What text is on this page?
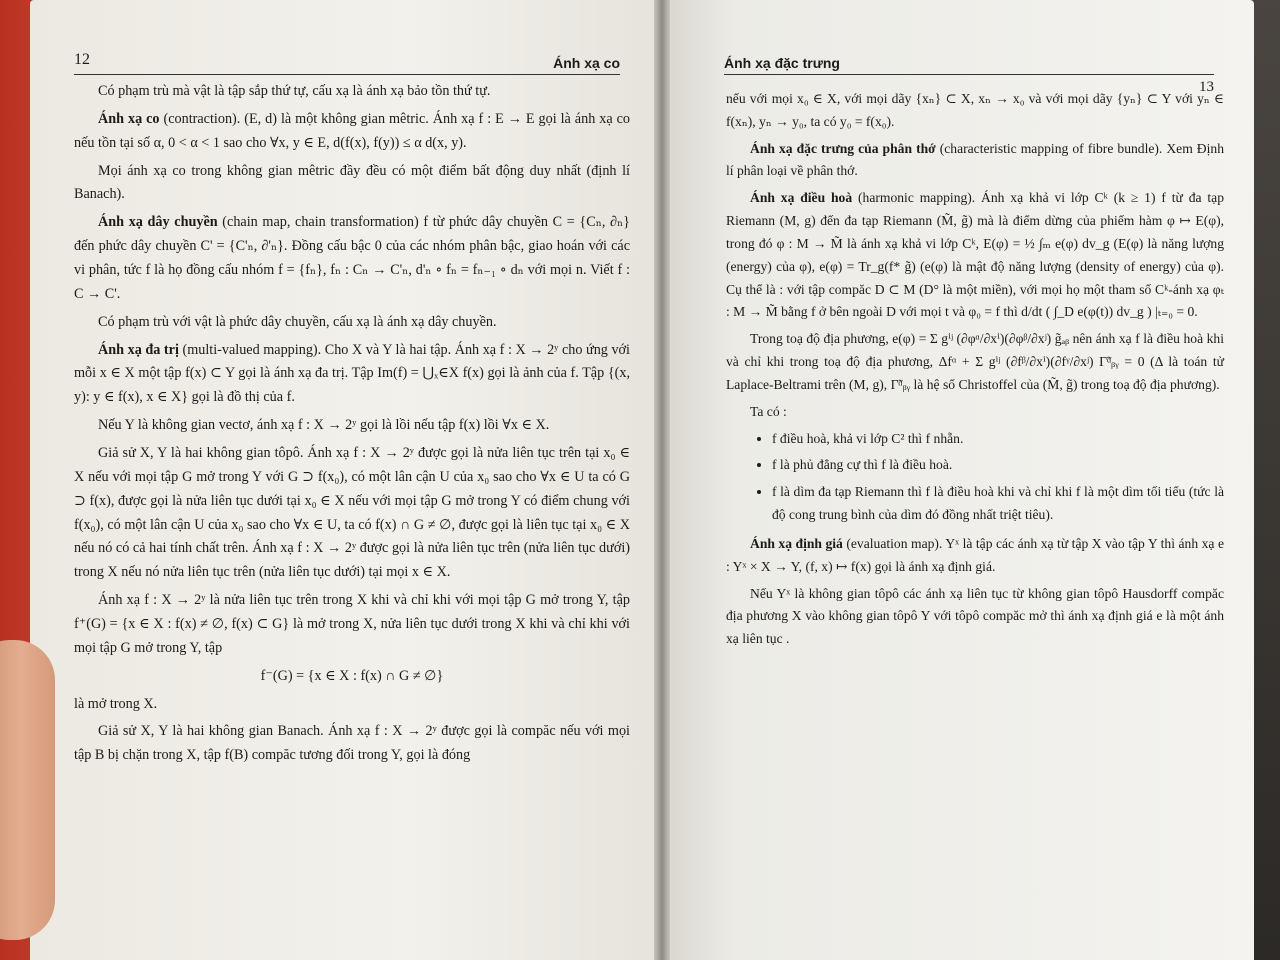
12	Ánh xạ co

Có phạm trù mà vật là tập sắp thứ tự, cấu xạ là ánh xạ bảo tồn thứ tự.

Ánh xạ co (contraction). (E, d) là một không gian mêtric. Ánh xạ f : E → E gọi là ánh xạ co nếu tồn tại số α, 0 < α < 1 sao cho ∀x, y ∈ E, d(f(x), f(y)) ≤ α d(x, y).

Mọi ánh xạ co trong không gian mêtric đầy đều có một điểm bất động duy nhất (định lí Banach).

Ánh xạ dây chuyền (chain map, chain transformation) f từ phức dây chuyền C = {Cₙ, ∂ₙ} đến phức dây chuyền C' = {C'ₙ, ∂'ₙ}. Đồng cấu bậc 0 của các nhóm phân bậc, giao hoán với các vi phân, tức f là họ đồng cấu nhóm f = {fₙ}, fₙ : Cₙ → C'ₙ, d'ₙ ∘ fₙ = fₙ₋₁ ∘ dₙ với mọi n. Viết f : C → C'.

Có phạm trù với vật là phức dây chuyền, cấu xạ là ánh xạ dây chuyền.

Ánh xạ đa trị (multi-valued mapping). Cho X và Y là hai tập. Ánh xạ f : X → 2ʸ cho ứng với mỗi x ∈ X một tập f(x) ⊂ Y gọi là ánh xạ đa trị. Tập Im(f) = ⋃ₓ∈X f(x) gọi là ảnh của f. Tập {(x, y): y ∈ f(x), x ∈ X} gọi là đồ thị của f.

Nếu Y là không gian vectơ, ánh xạ f : X → 2ʸ gọi là lồi nếu tập f(x) lồi ∀x ∈ X.

Giả sử X, Y là hai không gian tôpô. Ánh xạ f : X → 2ʸ được gọi là nửa liên tục trên tại x₀ ∈ X nếu với mọi tập G mở trong Y với G ⊃ f(x₀), có một lân cận U của x₀ sao cho ∀x ∈ U ta có G ⊃ f(x), được gọi là nửa liên tục dưới tại x₀ ∈ X nếu với mọi tập G mở trong Y có điểm chung với f(x₀), có một lân cận U của x₀ sao cho ∀x ∈ U, ta có f(x) ∩ G ≠ ∅, được gọi là liên tục tại x₀ ∈ X nếu nó có cả hai tính chất trên. Ánh xạ f : X → 2ʸ được gọi là nửa liên tục trên (nửa liên tục dưới) trong X nếu nó nửa liên tục trên (nửa liên tục dưới) tại mọi x ∈ X.

Ánh xạ f : X → 2ʸ là nửa liên tục trên trong X khi và chỉ khi với mọi tập G mở trong Y, tập f⁺(G) = {x ∈ X : f(x) ≠ ∅, f(x) ⊂ G} là mở trong X, nửa liên tục dưới trong X khi và chỉ khi với mọi tập G mở trong Y, tập

f⁻(G) = {x ∈ X : f(x) ∩ G ≠ ∅}

là mở trong X.

Giả sử X, Y là hai không gian Banach. Ánh xạ f : X → 2ʸ được gọi là compăc nếu với mọi tập B bị chặn trong X, tập f(B) compăc tương đối trong Y, gọi là đóng

Ánh xạ đặc trưng
13

nếu với mọi x₀ ∈ X, với mọi dãy {xₙ} ⊂ X, xₙ → x₀ và với mọi dãy {yₙ} ⊂ Y với yₙ ∈ f(xₙ), yₙ → y₀, ta có y₀ = f(x₀).

Ánh xạ đặc trưng của phân thớ (characteristic mapping of fibre bundle). Xem Định lí phân loại về phân thớ.

Ánh xạ điều hoà (harmonic mapping). Ánh xạ khả vi lớp Cᵏ (k ≥ 1) f từ đa tạp Riemann (M, g) đến đa tạp Riemann (M̃, g̃) mà là điểm dừng của phiếm hàm φ ↦ E(φ), trong đó φ : M → M̃ là ánh xạ khả vi lớp Cᵏ, E(φ) = ½ ∫ₘ e(φ) dv_g (E(φ) là năng lượng (energy) của φ), e(φ) = Tr_g(f* g̃) (e(φ) là mật độ năng lượng (density of energy) của φ). Cụ thể là : với tập compăc D ⊂ M (D° là một miền), với mọi họ một tham số Cᵏ-ánh xạ φₜ : M → M̃ bằng f ở bên ngoài D với mọi t và φ₀ = f thì d/dt ( ∫_D e(φ(t)) dv_g ) |ₜ₌₀ = 0.

Trong toạ độ địa phương, e(φ) = Σ gⁱʲ (∂φᵅ/∂xⁱ)(∂φᵝ/∂xʲ) g̃ₐᵦ nên ánh xạ f là điều hoà khi và chỉ khi trong toạ độ địa phương, Δfᵅ + Σ gⁱʲ (∂fᵝ/∂xⁱ)(∂fᵞ/∂xʲ) Γ̃ᵅᵦᵧ = 0 (Δ là toán tử Laplace-Beltrami trên (M, g), Γ̃ᵅᵦᵧ là hệ số Christoffel của (M̃, g̃) trong toạ độ địa phương).

Ta có :

• f điều hoà, khả vi lớp C² thì f nhẵn.
• f là phủ đẳng cự thì f là điều hoà.
• f là dìm đa tạp Riemann thì f là điều hoà khi và chỉ khi f là một dìm tối tiểu (tức là độ cong trung bình của dìm đó đồng nhất triệt tiêu).

Ánh xạ định giá (evaluation map). Yˣ là tập các ánh xạ từ tập X vào tập Y thì ánh xạ e : Yˣ × X → Y, (f, x) ↦ f(x) gọi là ánh xạ định giá.

Nếu Yˣ là không gian tôpô các ánh xạ liên tục từ không gian tôpô Hausdorff compăc địa phương X vào không gian tôpô Y với tôpô compăc mở thì ánh xạ định giá e là một ánh xạ liên tục .
